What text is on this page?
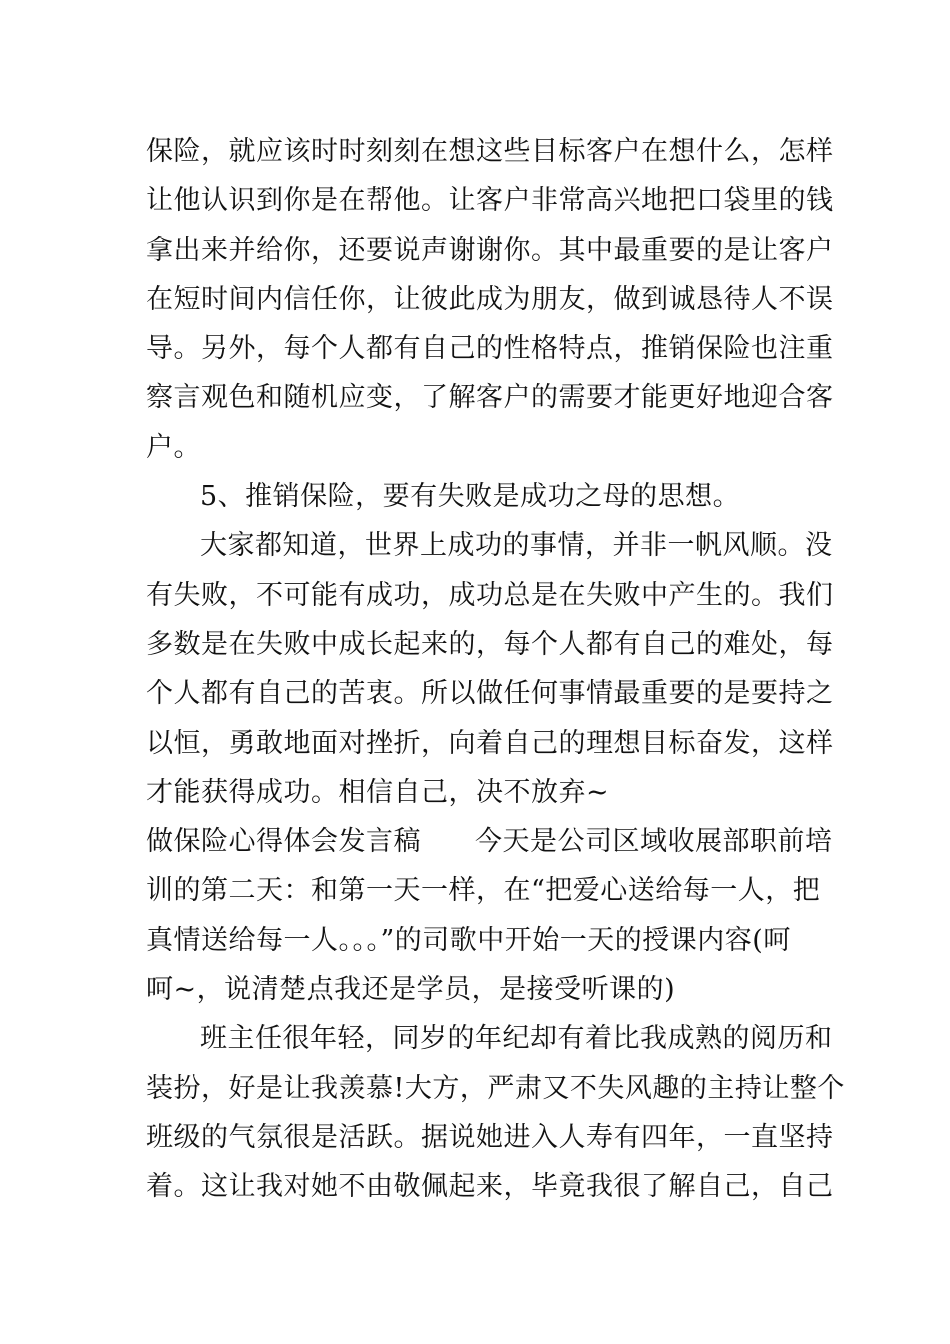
保险，就应该时时刻刻在想这些目标客户在想什么，怎样
让他认识到你是在帮他。让客户非常高兴地把口袋里的钱
拿出来并给你，还要说声谢谢你。其中最重要的是让客户
在短时间内信任你，让彼此成为朋友，做到诚恳待人不误
导。另外，每个人都有自己的性格特点，推销保险也注重
察言观色和随机应变，了解客户的需要才能更好地迎合客
户。
5、推销保险，要有失败是成功之母的思想。
大家都知道，世界上成功的事情，并非一帆风顺。没
有失败，不可能有成功，成功总是在失败中产生的。我们
多数是在失败中成长起来的，每个人都有自己的难处，每
个人都有自己的苦衷。所以做任何事情最重要的是要持之
以恒，勇敢地面对挫折，向着自己的理想目标奋发，这样
才能获得成功。相信自己，决不放弃~
做保险心得体会发言稿 今天是公司区域收展部职前培
训的第二天：和第一天一样，在“把爱心送给每一人，把
真情送给每一人。。。”的司歌中开始一天的授课内容(呵
呵~，说清楚点我还是学员，是接受听课的)
班主任很年轻，同岁的年纪却有着比我成熟的阅历和
装扮，好是让我羡慕!大方，严肃又不失风趣的主持让整个
班级的气氛很是活跃。据说她进入人寿有四年，一直坚持
着。这让我对她不由敬佩起来，毕竟我很了解自己，自己
